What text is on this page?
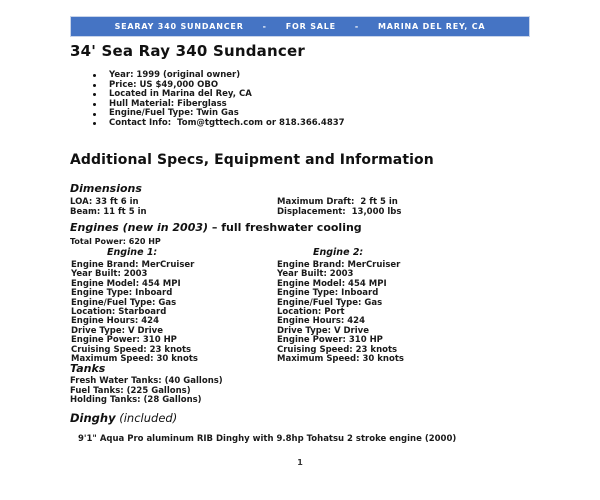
SEARAY 340 SUNDANCER - FOR SALE - MARINA DEL REY, CA
34' Sea Ray 340 Sundancer
Year: 1999 (original owner)
Price: US $49,000 OBO
Located in Marina del Rey, CA
Hull Material: Fiberglass
Engine/Fuel Type: Twin Gas
Contact Info:  Tom@tgttech.com or 818.366.4837
Additional Specs, Equipment and Information
Dimensions
LOA: 33 ft 6 in	Maximum Draft:  2 ft 5 in
Beam: 11 ft 5 in	Displacement:  13,000 lbs
Engines (new in 2003) – full freshwater cooling
Total Power: 620 HP
Engine 1:
Engine Brand: MerCruiser
Year Built: 2003
Engine Model: 454 MPI
Engine Type: Inboard
Engine/Fuel Type: Gas
Location: Starboard
Engine Hours: 424
Drive Type: V Drive
Engine Power: 310 HP
Cruising Speed: 23 knots
Maximum Speed: 30 knots
Engine 2:
Engine Brand: MerCruiser
Year Built: 2003
Engine Model: 454 MPI
Engine Type: Inboard
Engine/Fuel Type: Gas
Location: Port
Engine Hours: 424
Drive Type: V Drive
Engine Power: 310 HP
Cruising Speed: 23 knots
Maximum Speed: 30 knots
Tanks
Fresh Water Tanks: (40 Gallons)
Fuel Tanks: (225 Gallons)
Holding Tanks: (28 Gallons)
Dinghy (included)
9'1" Aqua Pro aluminum RIB Dinghy with 9.8hp Tohatsu 2 stroke engine (2000)
1
